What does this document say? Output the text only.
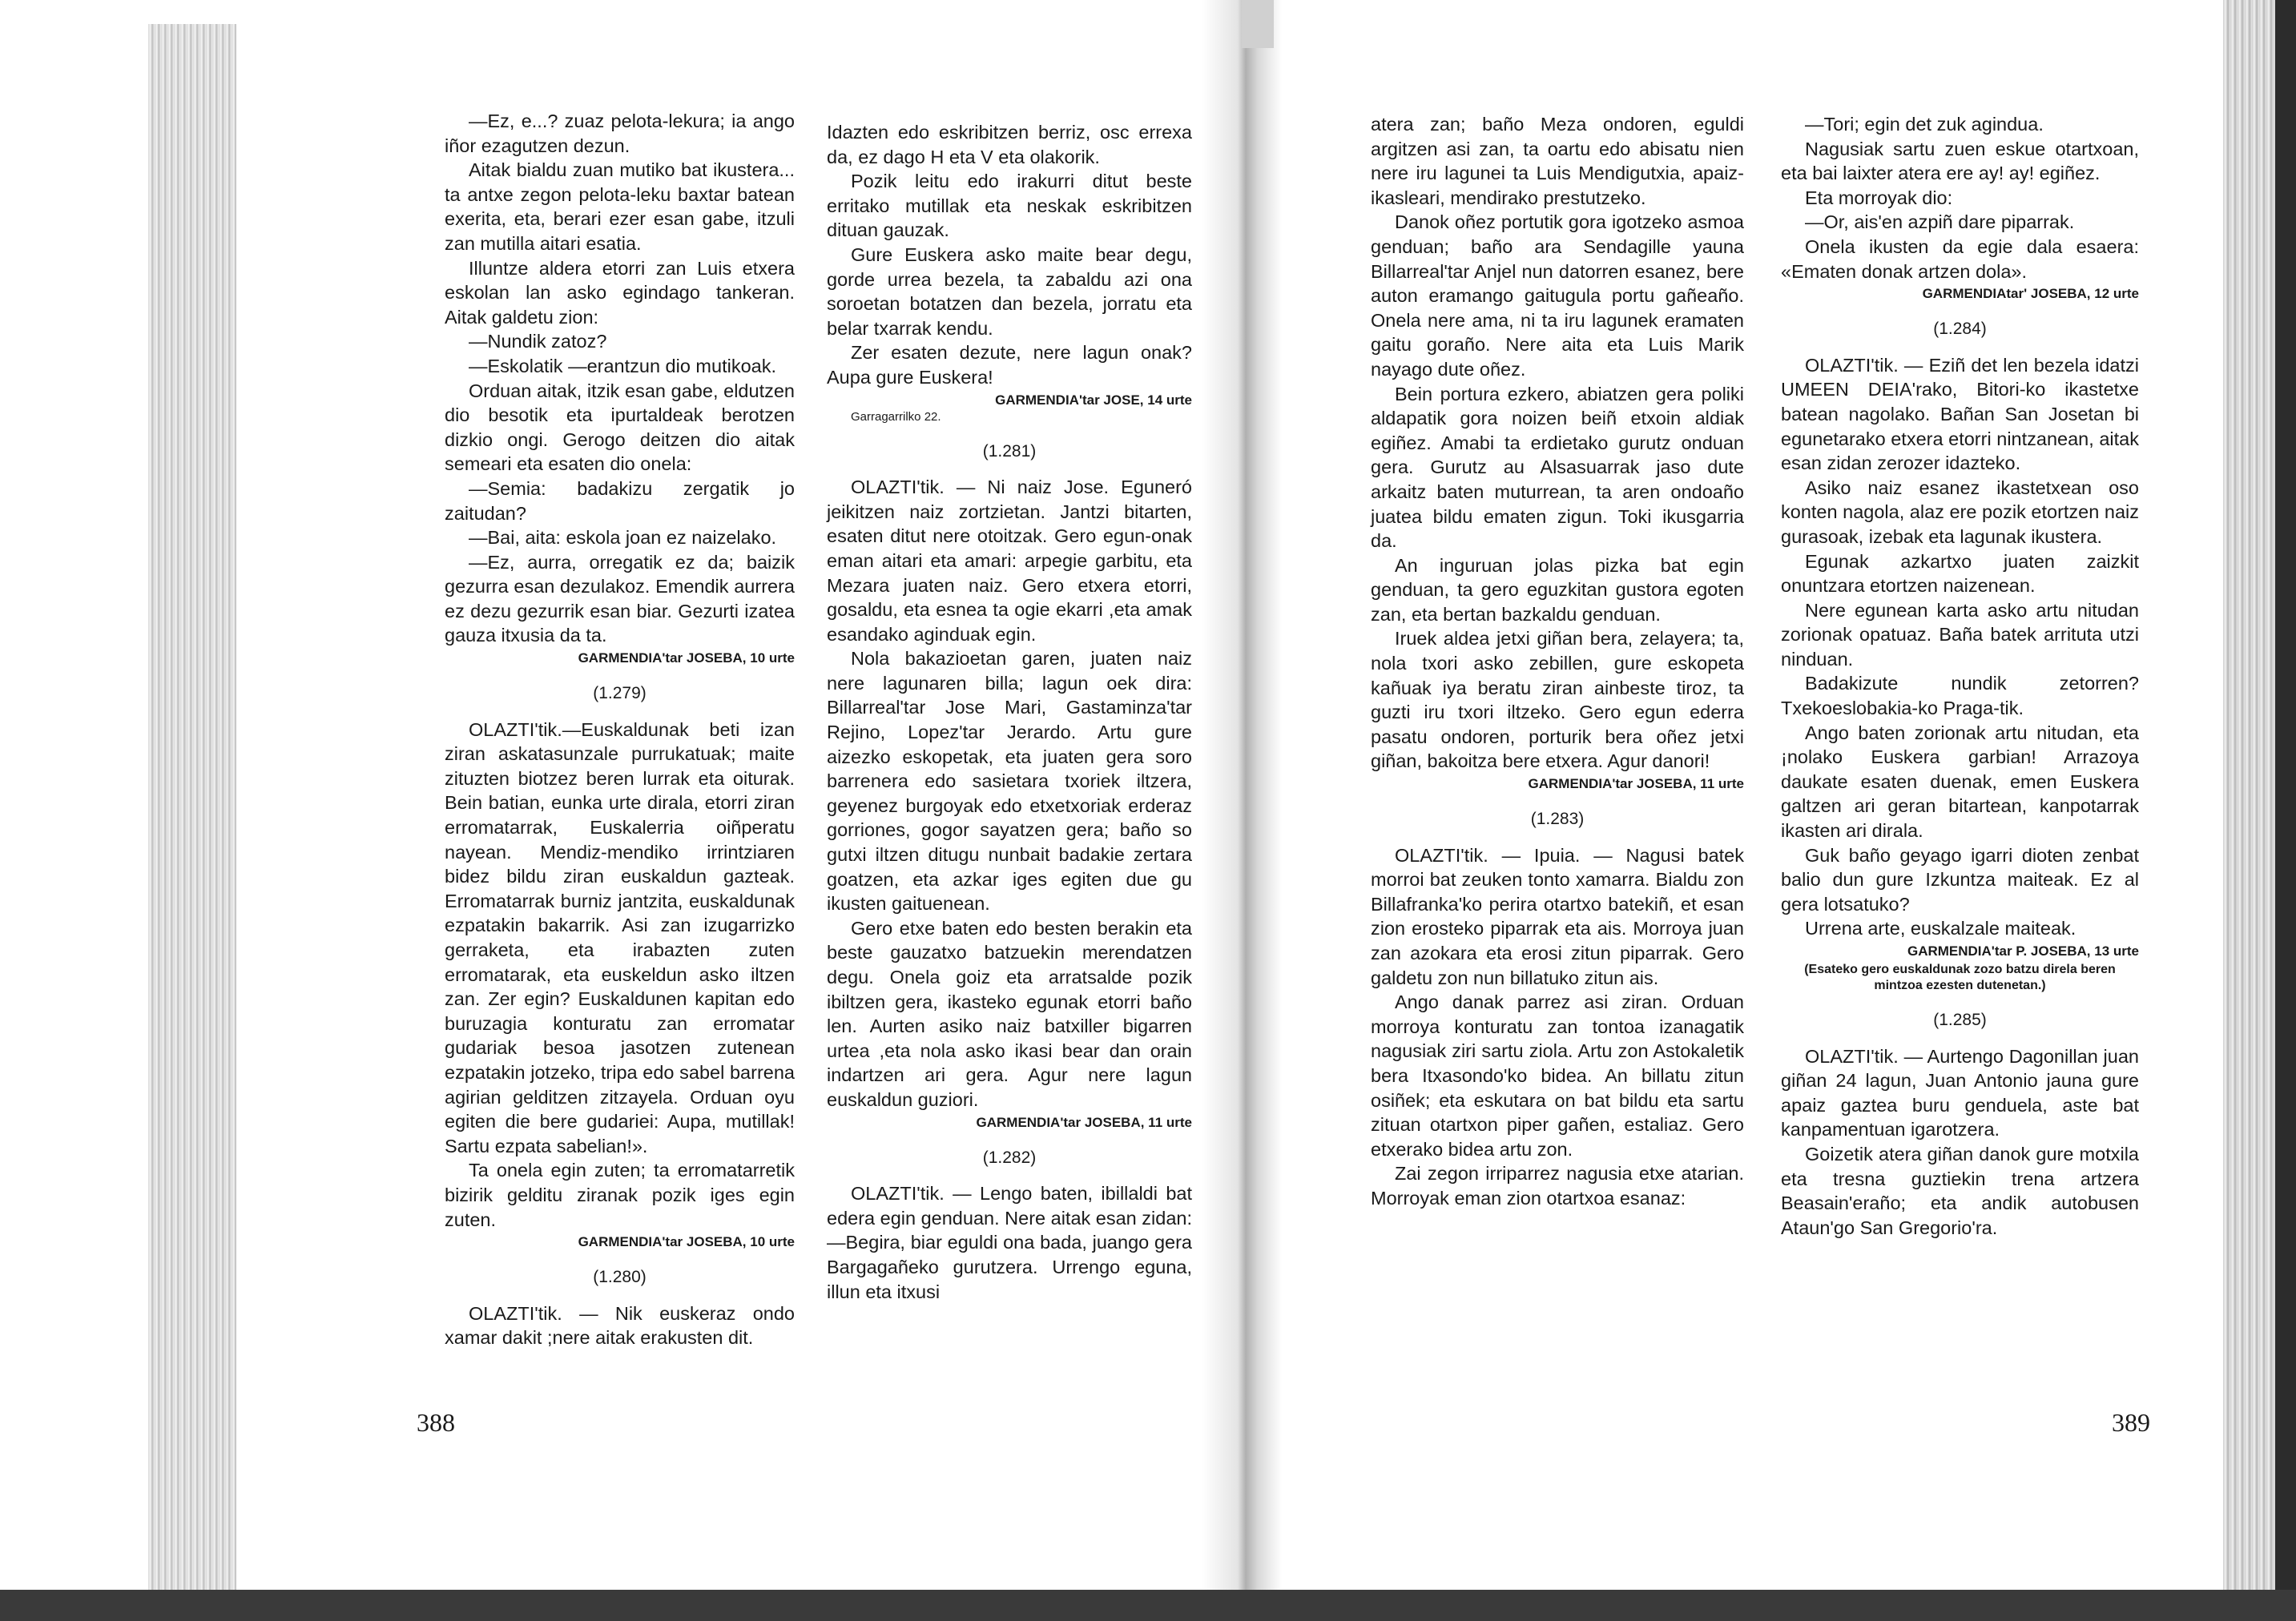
—Ez, e...? zuaz pelota-lekura; ia ango iñor ezagutzen dezun.

Aitak bialdu zuan mutiko bat ikustera... ta antxe zegon pelota-leku baxtar batean exerita, eta, berari ezer esan gabe, itzuli zan mutilla aitari esatia.

Illuntze aldera etorri zan Luis etxera eskolan lan asko egindago tankeran. Aitak galdetu zion:

—Nundik zatoz?

—Eskolatik —erantzun dio mutikoak.

Orduan aitak, itzik esan gabe, eldutzen dio besotik eta ipurtaldeak berotzen dizkio ongi. Gerogo deitzen dio aitak semeari eta esaten dio onela:

—Semia: badakizu zergatik jo zaitudan?

—Bai, aita: eskola joan ez naizelako.

—Ez, aurra, orregatik ez da; baizik gezurra esan dezulakoz. Emendik aurrera ez dezu gezurrik esan biar. Gezurti izatea gauza itxusia da ta.

GARMENDIA'tar JOSEBA, 10 urte

(1.279)

OLAZTI'tik.—Euskaldunak beti izan ziran askatasunzale purrukatuak; maite zituzten biotzez beren lurrak eta oiturak. Bein batian, eunka urte dirala, etorri ziran erromatarrak, Euskalerria oiñperatu nayean. Mendiz-mendiko irrintziaren bidez bildu ziran euskaldun gazteak. Erromatarrak burniz jantzita, euskaldunak ezpatakin bakarrik. Asi zan izugarrizko gerraketa, eta irabazten zuten erromatarak, eta euskeldun asko iltzen zan. Zer egin? Euskaldunen kapitan edo buruzagia konturatu zan erromatar gudariak besoa jasotzen zutenean ezpatakin jotzeko, tripa edo sabel barrena agirian gelditzen zitzayela. Orduan oyu egiten die bere gudariei: Aupa, mutillak! Sartu ezpata sabelian!».

Ta onela egin zuten; ta erromatarretik bizirik gelditu ziranak pozik iges egin zuten.

GARMENDIA'tar JOSEBA, 10 urte

(1.280)

OLAZTI'tik. — Nik euskeraz ondo xamar dakit ;nere aitak erakusten dit.

Idazten edo eskribitzen berriz, osc errexa da, ez dago H eta V eta olakorik.

Pozik leitu edo irakurri ditut beste erritako mutillak eta neskak eskribitzen dituan gauzak.

Gure Euskera asko maite bear degu, gorde urrea bezela, ta zabaldu azi ona soroetan botatzen dan bezela, jorratu eta belar txarrak kendu.

Zer esaten dezute, nere lagun onak? Aupa gure Euskera!

GARMENDIA'tar JOSE, 14 urte

Garragarrilko 22.

(1.281)

OLAZTI'tik. — Ni naiz Jose. Eguneró jeikitzen naiz zortzietan. Jantzi bitarten, esaten ditut nere otoitzak. Gero egun-onak eman aitari eta amari: arpegie garbitu, eta Mezara juaten naiz. Gero etxera etorri, gosaldu, eta esnea ta ogie ekarri ,eta amak esandako aginduak egin.

Nola bakazioetan garen, juaten naiz nere lagunaren billa; lagun oek dira: Billarreal'tar Jose Mari, Gastaminza'tar Rejino, Lopez'tar Jerardo. Artu gure aizezko eskopetak, eta juaten gera soro barrenera edo sasietara txoriek iltzera, geyenez burgoyak edo etxetxoriak erderaz gorriones, gogor sayatzen gera; baño so gutxi iltzen ditugu nunbait badakie zertara goatzen, eta azkar iges egiten due gu ikusten gaituenean.

Gero etxe baten edo besten berakin eta beste gauzatxo batzuekin merendatzen degu. Onela goiz eta arratsalde pozik ibiltzen gera, ikasteko egunak etorri baño len. Aurten asiko naiz batxiller bigarren urtea ,eta nola asko ikasi bear dan orain indartzen ari gera. Agur nere lagun euskaldun guziori.

GARMENDIA'tar JOSEBA, 11 urte

(1.282)

OLAZTI'tik. — Lengo baten, ibillaldi bat edera egin genduan. Nere aitak esan zidan: —Begira, biar eguldi ona bada, juango gera Bargagañeko gurutzera. Urrengo eguna, illun eta itxusi

atera zan; baño Meza ondoren, eguldi argitzen asi zan, ta oartu edo abisatu nien nere iru lagunei ta Luis Mendigutxia, apaiz-ikasleari, mendirako prestutzeko.

Danok oñez portutik gora igotzeko asmoa genduan; baño ara Sendagille yauna Billarreal'tar Anjel nun datorren esanez, bere auton eramango gaitugula portu gañeaño. Onela nere ama, ni ta iru lagunek eramaten gaitu goraño. Nere aita eta Luis Marik nayago dute oñez.

Bein portura ezkero, abiatzen gera poliki aldapatik gora noizen beiñ etxoin aldiak egiñez. Amabi ta erdietako gurutz onduan gera. Gurutz au Alsasuarrak jaso dute arkaitz baten muturrean, ta aren ondoaño juatea bildu ematen zigun. Toki ikusgarria da.

An inguruan jolas pizka bat egin genduan, ta gero eguzkitan gustora egoten zan, eta bertan bazkaldu genduan.

Iruek aldea jetxi giñan bera, zelayera; ta, nola txori asko zebillen, gure eskopeta kañuak iya beratu ziran ainbeste tiroz, ta guzti iru txori iltzeko. Gero egun ederra pasatu ondoren, porturik bera oñez jetxi giñan, bakoitza bere etxera. Agur danori!

GARMENDIA'tar JOSEBA, 11 urte

(1.283)

OLAZTI'tik. — Ipuia. — Nagusi batek morroi bat zeuken tonto xamarra. Bialdu zon Billafranka'ko perira otartxo batekiñ, et esan zion erosteko piparrak eta ais. Morroya juan zan azokara eta erosi zitun piparrak. Gero galdetu zon nun billatuko zitun ais.

Ango danak parrez asi ziran. Orduan morroya konturatu zan tontoa izanagatik nagusiak ziri sartu ziola. Artu zon Astokaletik bera Itxasondo'ko bidea. An billatu zitun osiñek; eta eskutara on bat bildu eta sartu zituan otartxon piper gañen, estaliaz. Gero etxerako bidea artu zon.

Zai zegon irriparrez nagusia etxe atarian. Morroyak eman zion otartxoa esanaz:

—Tori; egin det zuk agindua.

Nagusiak sartu zuen eskue otartxoan, eta bai laixter atera ere ay! ay! egiñez.

Eta morroyak dio:

—Or, ais'en azpiñ dare piparrak.

Onela ikusten da egie dala esaera: «Ematen donak artzen dola».

GARMENDIAtar' JOSEBA, 12 urte

(1.284)

OLAZTI'tik. — Eziñ det len bezela idatzi UMEEN DEIA'rako, Bitori-ko ikastetxe batean nagolako. Bañan San Josetan bi egunetarako etxera etorri nintzanean, aitak esan zidan zerozer idazteko.

Asiko naiz esanez ikastetxean oso konten nagola, alaz ere pozik etortzen naiz gurasoak, izebak eta lagunak ikustera.

Egunak azkartxo juaten zaizkit onuntzara etortzen naizenean.

Nere egunean karta asko artu nitudan zorionak opatuaz. Baña batek arrituta utzi ninduan.

Badakizute nundik zetorren? Txekoeslobakia-ko Praga-tik.

Ango baten zorionak artu nitudan, eta ¡nolako Euskera garbian! Arrazoya daukate esaten duenak, emen Euskera galtzen ari geran bitartean, kanpotarrak ikasten ari dirala.

Guk baño geyago igarri dioten zenbat balio dun gure Izkuntza maiteak. Ez al gera lotsatuko?

Urrena arte, euskalzale maiteak.

GARMENDIA'tar P. JOSEBA, 13 urte

(Esateko gero euskaldunak zozo batzu direla beren mintzoa ezesten dutenetan.)

(1.285)

OLAZTI'tik. — Aurtengo Dagonillan juan giñan 24 lagun, Juan Antonio jauna gure apaiz gaztea buru genduela, aste bat kanpamentuan igarotzera.

Goizetik atera giñan danok gure motxila eta tresna guztiekin trena artzera Beasain'eraño; eta andik autobusen Ataun'go San Gregorio'ra.

388	389
